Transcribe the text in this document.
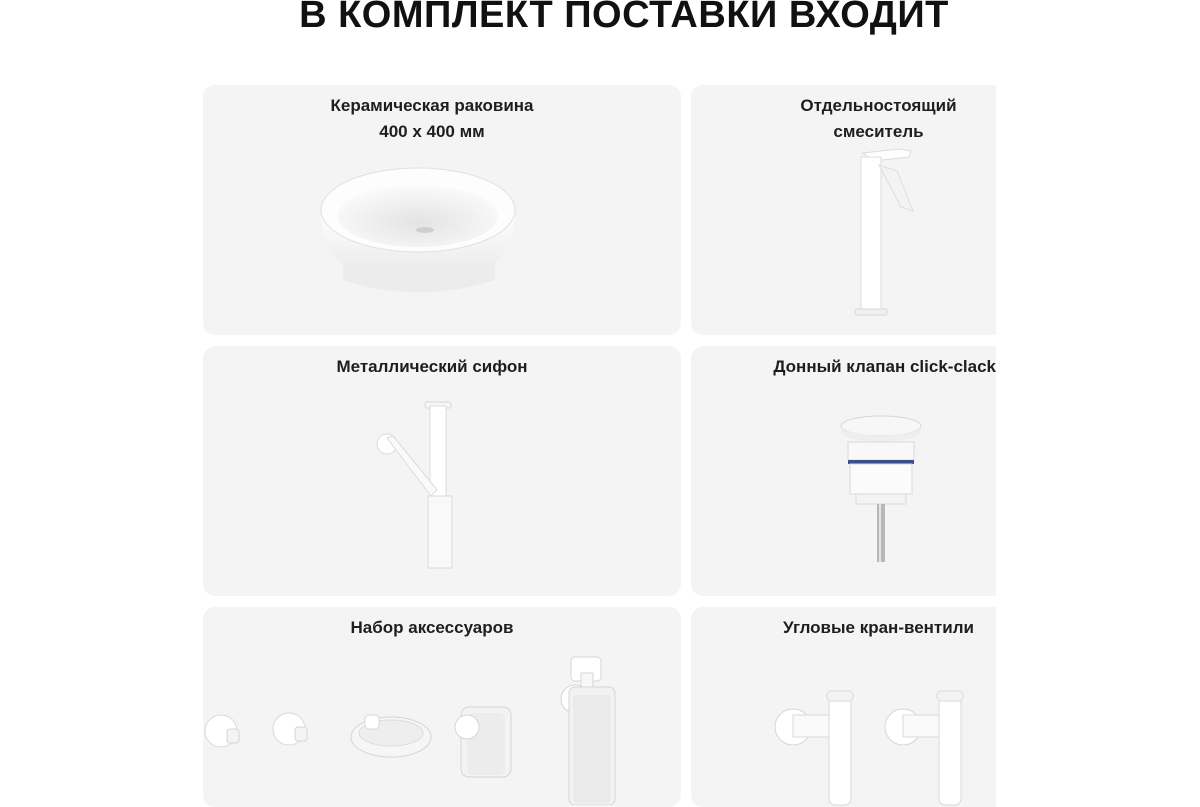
В КОМПЛЕКТ ПОСТАВКИ ВХОДИТ
Керамическая раковина
400 x 400 мм
Отдельностоящий
смеситель
Металлический сифон	Донный клапан click-clack
Набор аксессуаров	Угловые кран-вентили
